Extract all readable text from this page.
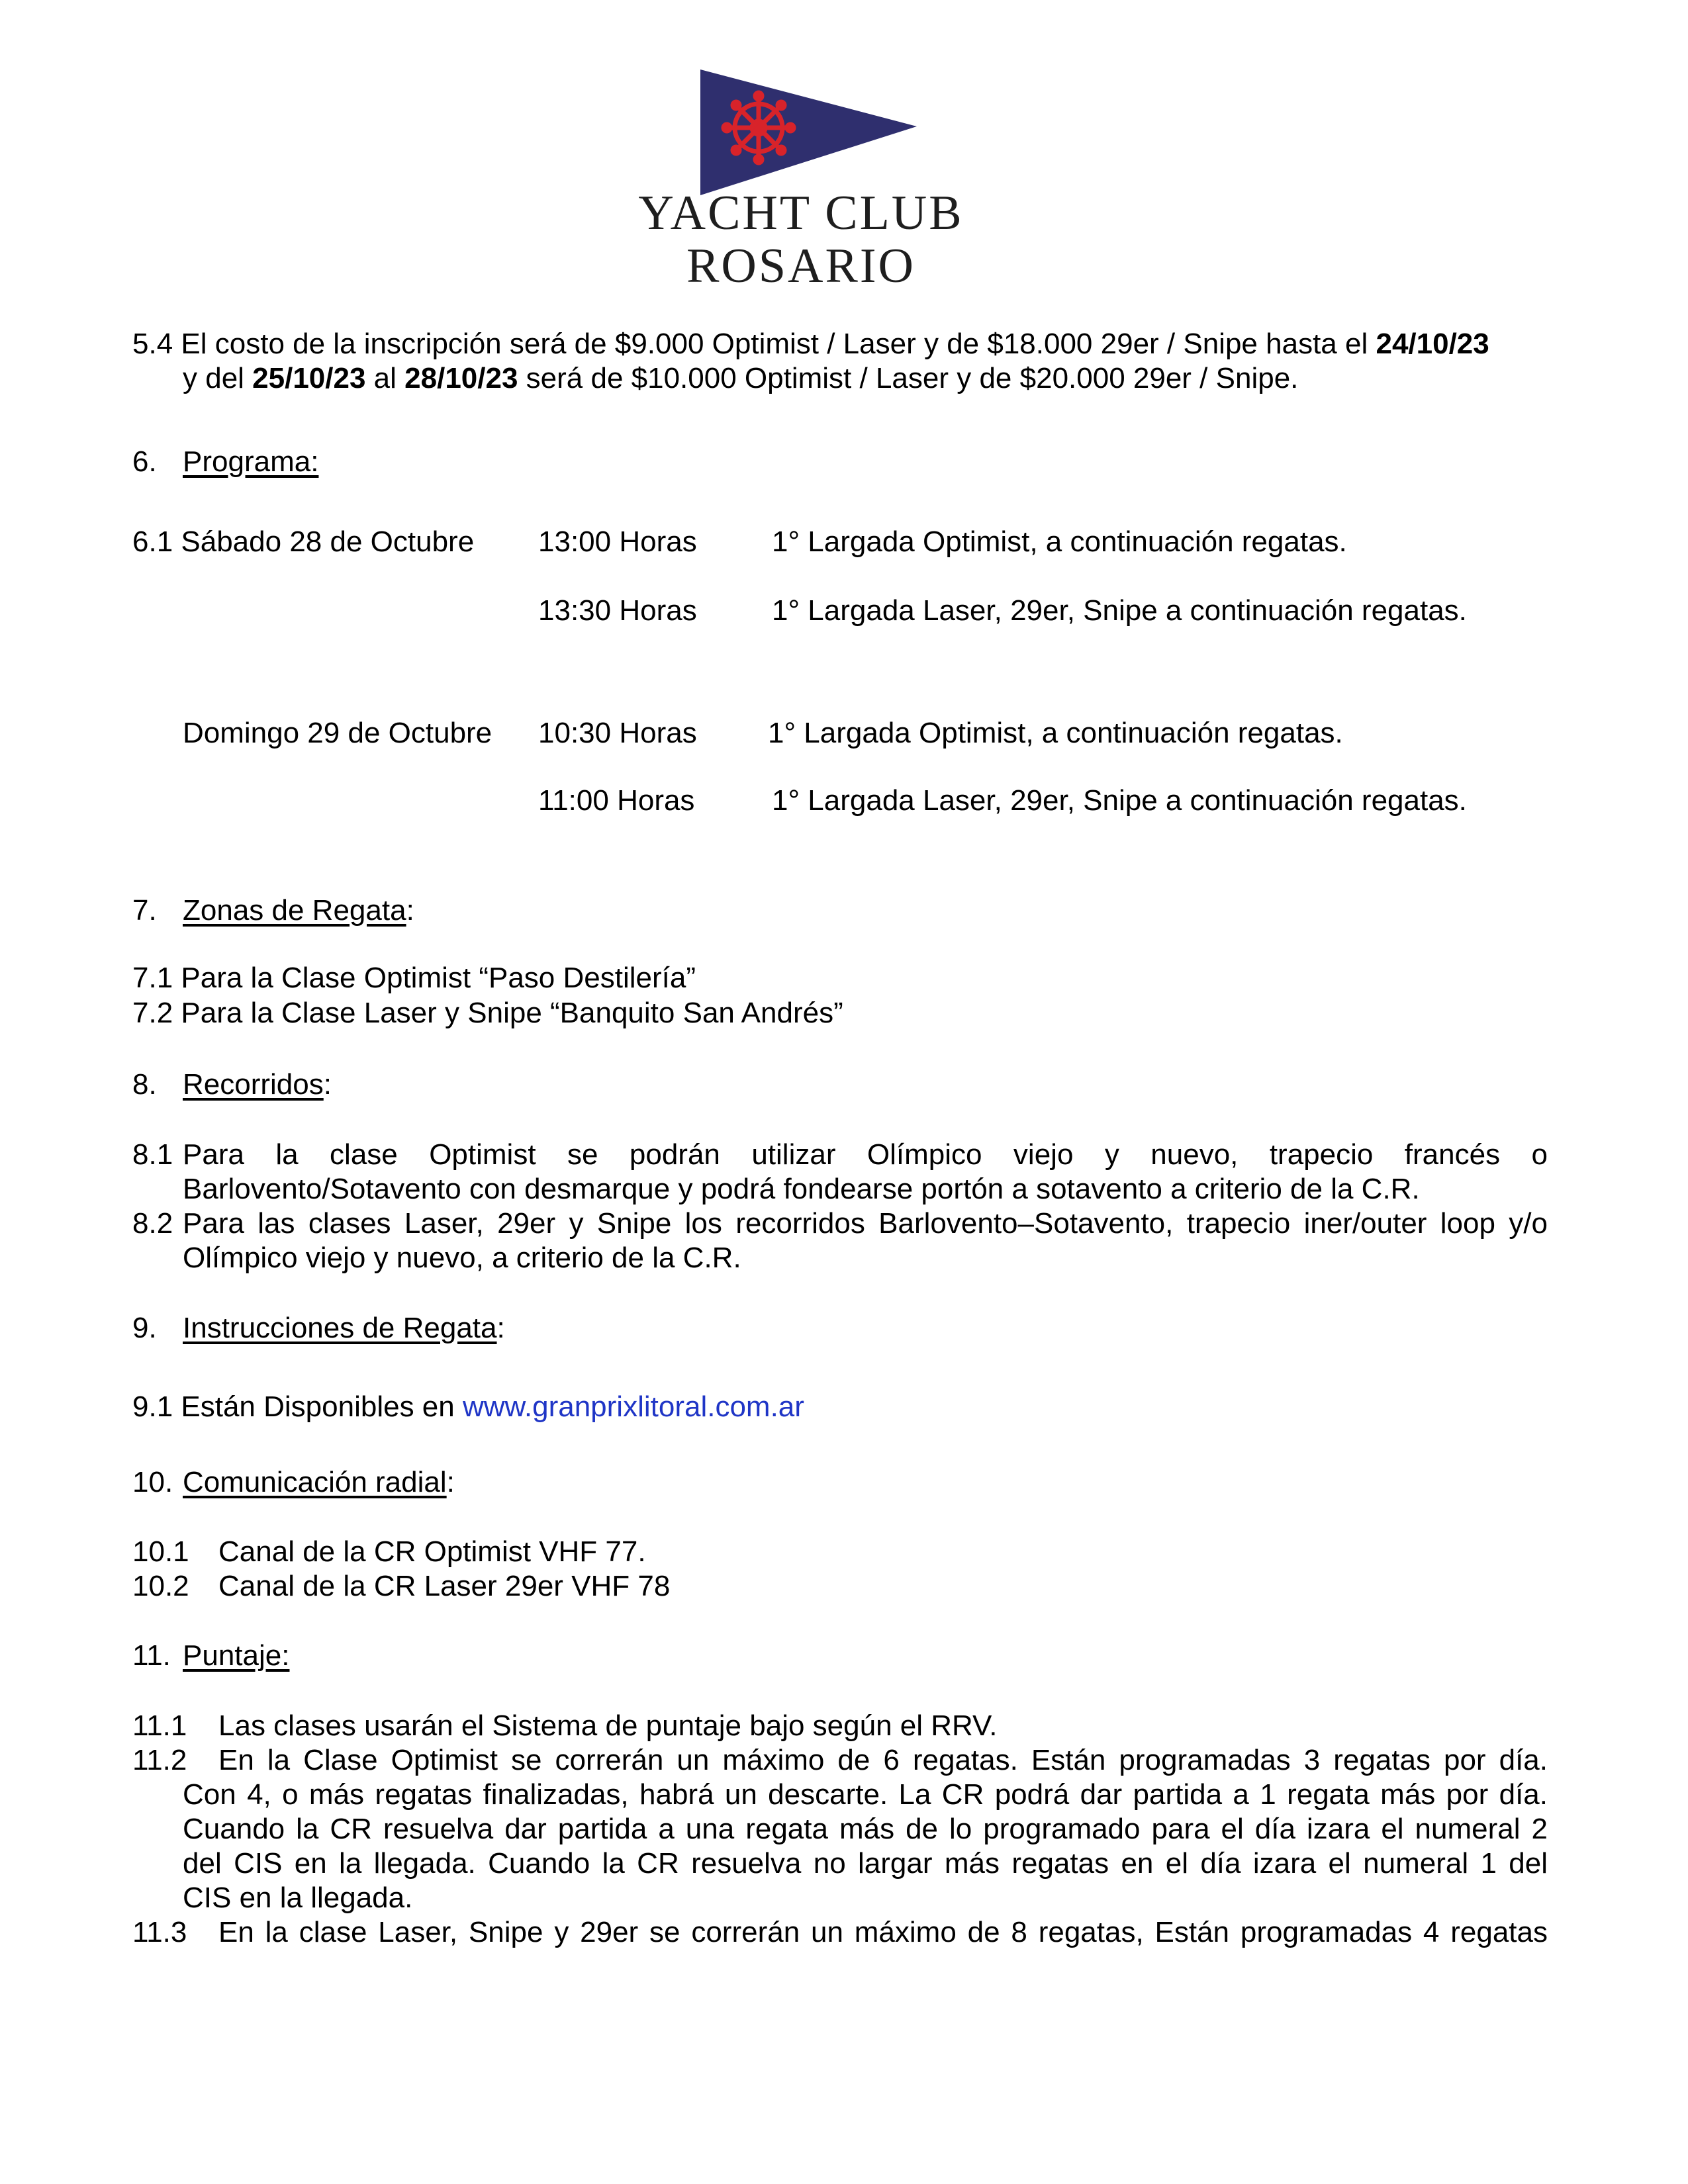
YACHT CLUB
ROSARIO
5.4 El costo de la inscripción será de $9.000 Optimist / Laser y de $18.000 29er / Snipe hasta el 24/10/23
y del 25/10/23 al 28/10/23 será de $10.000 Optimist / Laser y de $20.000 29er / Snipe.
6. Programa:
6.1 Sábado 28 de Octubre 13:00 Horas	1° Largada Optimist, a continuación regatas.
13:30 Horas	1° Largada Laser, 29er, Snipe a continuación regatas.
Domingo 29 de Octubre 10:30 Horas 1° Largada Optimist, a continuación regatas.
11:00 Horas	1° Largada Laser, 29er, Snipe a continuación regatas.
7. Zonas de Regata:
7.1 Para la Clase Optimist “Paso Destilería”
7.2 Para la Clase Laser y Snipe “Banquito San Andrés”
8. Recorridos:
8.1 Para la clase Optimist se podrán utilizar Olímpico viejo y nuevo, trapecio francés o
Barlovento/Sotavento con desmarque y podrá fondearse portón a sotavento a criterio de la C.R.
8.2 Para las clases Laser, 29er y Snipe los recorridos Barlovento–Sotavento, trapecio iner/outer loop y/o
Olímpico viejo y nuevo, a criterio de la C.R.
9. Instrucciones de Regata:
9.1 Están Disponibles en www.granprixlitoral.com.ar
10. Comunicación radial:
10.1 Canal de la CR Optimist VHF 77.
10.2 Canal de la CR Laser 29er VHF 78
11. Puntaje:
11.1 Las clases usarán el Sistema de puntaje bajo según el RRV.
11.2 En la Clase Optimist se correrán un máximo de 6 regatas. Están programadas 3 regatas por día.
Con 4, o más regatas finalizadas, habrá un descarte. La CR podrá dar partida a 1 regata más por día.
Cuando la CR resuelva dar partida a una regata más de lo programado para el día izara el numeral 2
del CIS en la llegada. Cuando la CR resuelva no largar más regatas en el día izara el numeral 1 del
CIS en la llegada.
11.3 En la clase Laser, Snipe y 29er se correrán un máximo de 8 regatas, Están programadas 4 regatas
